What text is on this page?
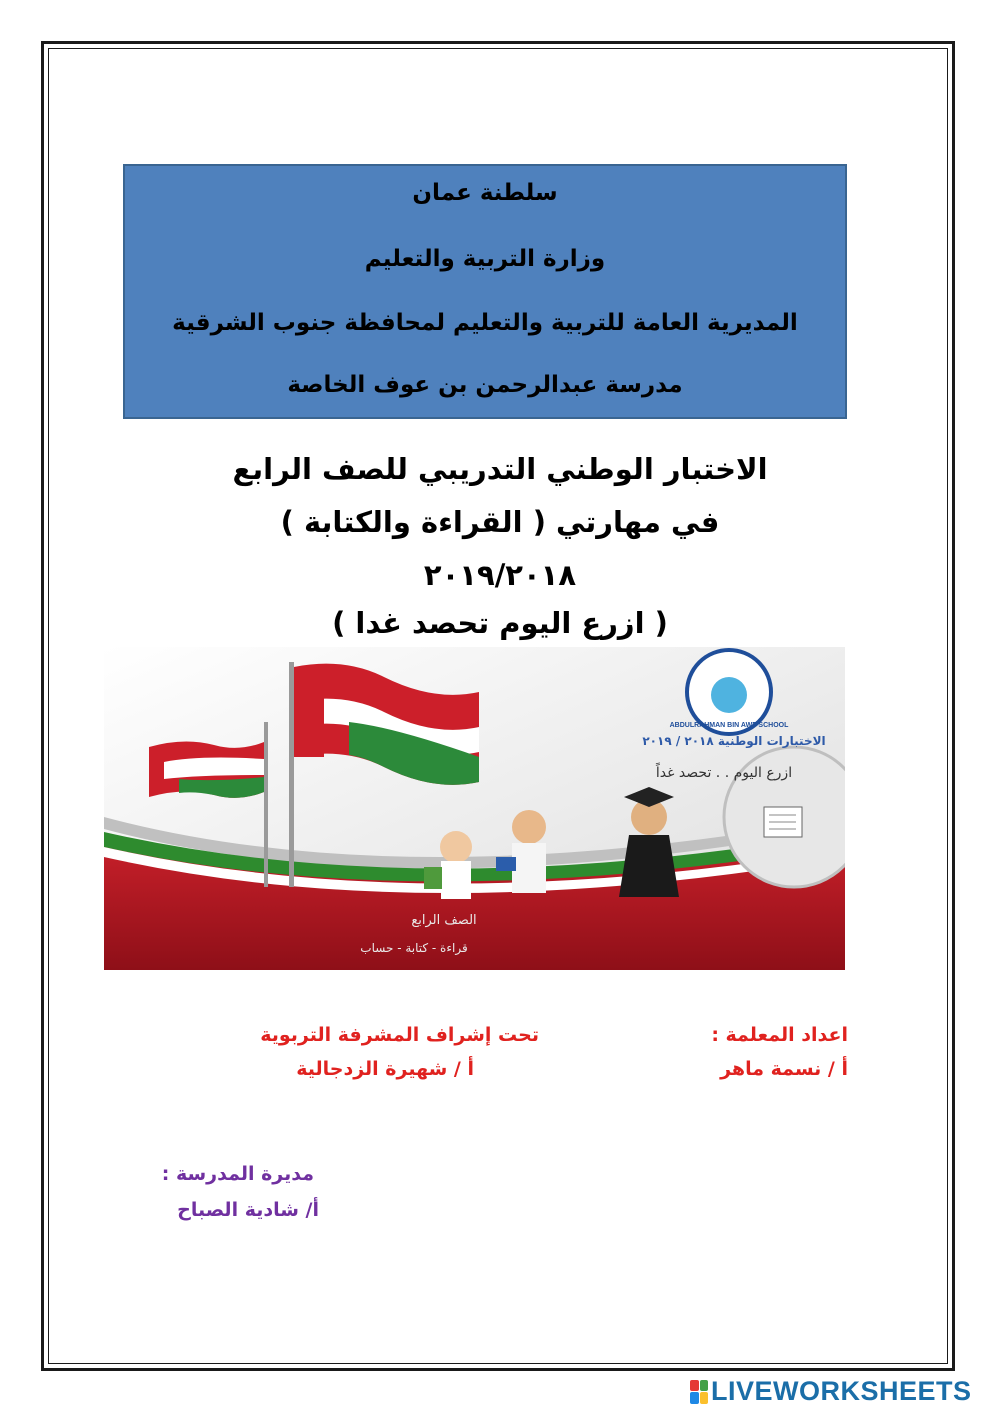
سلطنة عمان
وزارة التربية والتعليم
المديرية العامة للتربية والتعليم لمحافظة جنوب الشرقية
مدرسة عبدالرحمن بن عوف الخاصة
الاختبار الوطني التدريبي للصف الرابع
في مهارتي ( القراءة والكتابة )
٢٠١٩/٢٠١٨
( ازرع اليوم تحصد غدا )
ABDULRAHMAN BIN AWF SCHOOL
الاختبارات الوطنية ٢٠١٨ / ٢٠١٩
ازرع اليوم . . تحصد غداً
الصف الرابع
قراءة - كتابة - حساب
اعداد المعلمة :
أ / نسمة ماهر
تحت إشراف المشرفة التربوية
أ / شهيرة الزدجالية
مديرة المدرسة :
أ/ شادية الصباح
LIVEWORKSHEETS
